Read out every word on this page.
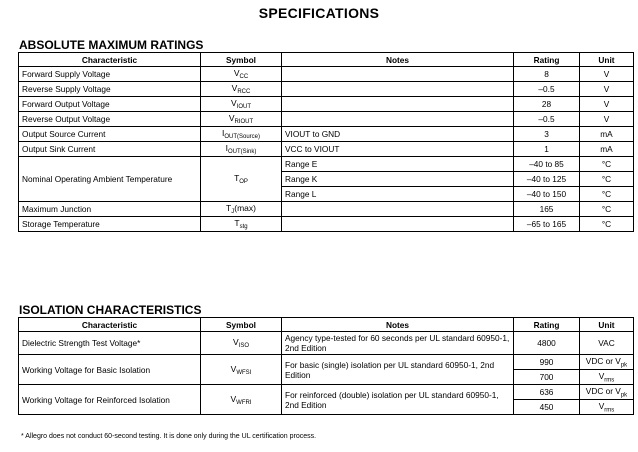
SPECIFICATIONS
ABSOLUTE MAXIMUM RATINGS
Characteristic	Symbol	Notes	Rating	Unit
Forward Supply Voltage	$V_{CC}$		8	V
Reverse Supply Voltage	$V_{RCC}$		–0.5	V
Forward Output Voltage	$V_{IOUT}$		28	V
Reverse Output Voltage	$V_{RIOUT}$		–0.5	V
Output Source Current	$I_{OUT(Source)}$	VIOUT to GND	3	mA
Output Sink Current	$I_{OUT(Sink)}$	VCC to VIOUT	1	mA
Nominal Operating Ambient Temperature	$T_{OP}$	Range E	–40 to 85	°C
		Range K	–40 to 125	°C
		Range L	–40 to 150	°C
Maximum Junction	$T_J(\max)$		165	°C
Storage Temperature	$T_{stg}$		–65 to 165	°C
ISOLATION CHARACTERISTICS
Characteristic	Symbol	Notes	Rating	Unit
Dielectric Strength Test Voltage*	$V_{ISO}$	Agency type-tested for 60 seconds per UL standard 60950-1, 2nd Edition	4800	VAC
Working Voltage for Basic Isolation	$V_{WFSI}$	For basic (single) isolation per UL standard 60950-1, 2nd Edition	990	VDC or $V_{pk}$
			700	$V_{rms}$
Working Voltage for Reinforced Isolation	$V_{WFRI}$	For reinforced (double) isolation per UL standard 60950-1, 2nd Edition	636	VDC or $V_{pk}$
			450	$V_{rms}$
* Allegro does not conduct 60-second testing. It is done only during the UL certification process.
